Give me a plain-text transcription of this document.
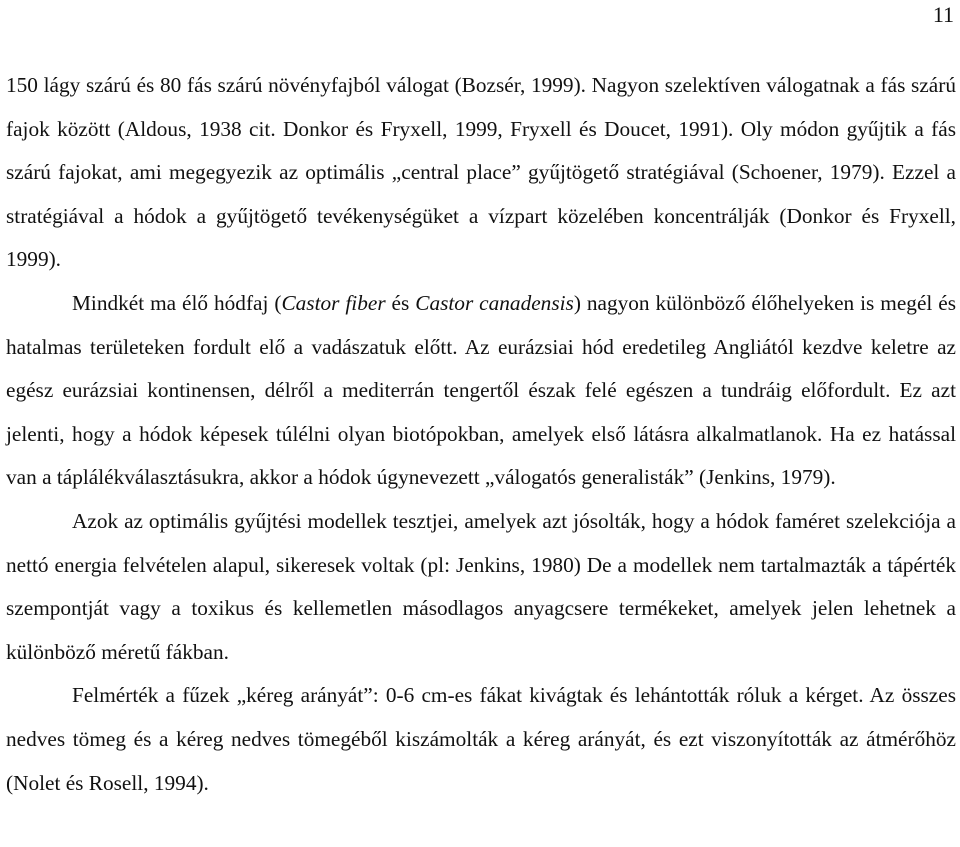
11

150 lágy szárú és 80 fás szárú növényfajból válogat (Bozsér, 1999). Nagyon szelektíven válogatnak a fás szárú fajok között (Aldous, 1938 cit. Donkor és Fryxell, 1999, Fryxell és Doucet, 1991). Oly módon gyűjtik a fás szárú fajokat, ami megegyezik az optimális „central place” gyűjtögető stratégiával (Schoener, 1979). Ezzel a stratégiával a hódok a gyűjtögető tevékenységüket a vízpart közelében koncentrálják (Donkor és Fryxell, 1999).

Mindkét ma élő hódfaj (Castor fiber és Castor canadensis) nagyon különböző élőhelyeken is megél és hatalmas területeken fordult elő a vadászatuk előtt. Az eurázsiai hód eredetileg Angliától kezdve keletre az egész eurázsiai kontinensen, délről a mediterrán tengertől észak felé egészen a tundráig előfordult. Ez azt jelenti, hogy a hódok képesek túlélni olyan biotópokban, amelyek első látásra alkalmatlanok. Ha ez hatással van a táplálékválasztásukra, akkor a hódok úgynevezett „válogatós generalisták” (Jenkins, 1979).

Azok az optimális gyűjtési modellek tesztjei, amelyek azt jósolták, hogy a hódok faméret szelekciója a nettó energia felvételen alapul, sikeresek voltak (pl: Jenkins, 1980) De a modellek nem tartalmazták a tápérték szempontját vagy a toxikus és kellemetlen másodlagos anyagcsere termékeket, amelyek jelen lehetnek a különböző méretű fákban.

Felmérték a fűzek „kéreg arányát”: 0-6 cm-es fákat kivágtak és lehántották róluk a kérget. Az összes nedves tömeg és a kéreg nedves tömegéből kiszámolták a kéreg arányát, és ezt viszonyították az átmérőhöz (Nolet és Rosell, 1994).
